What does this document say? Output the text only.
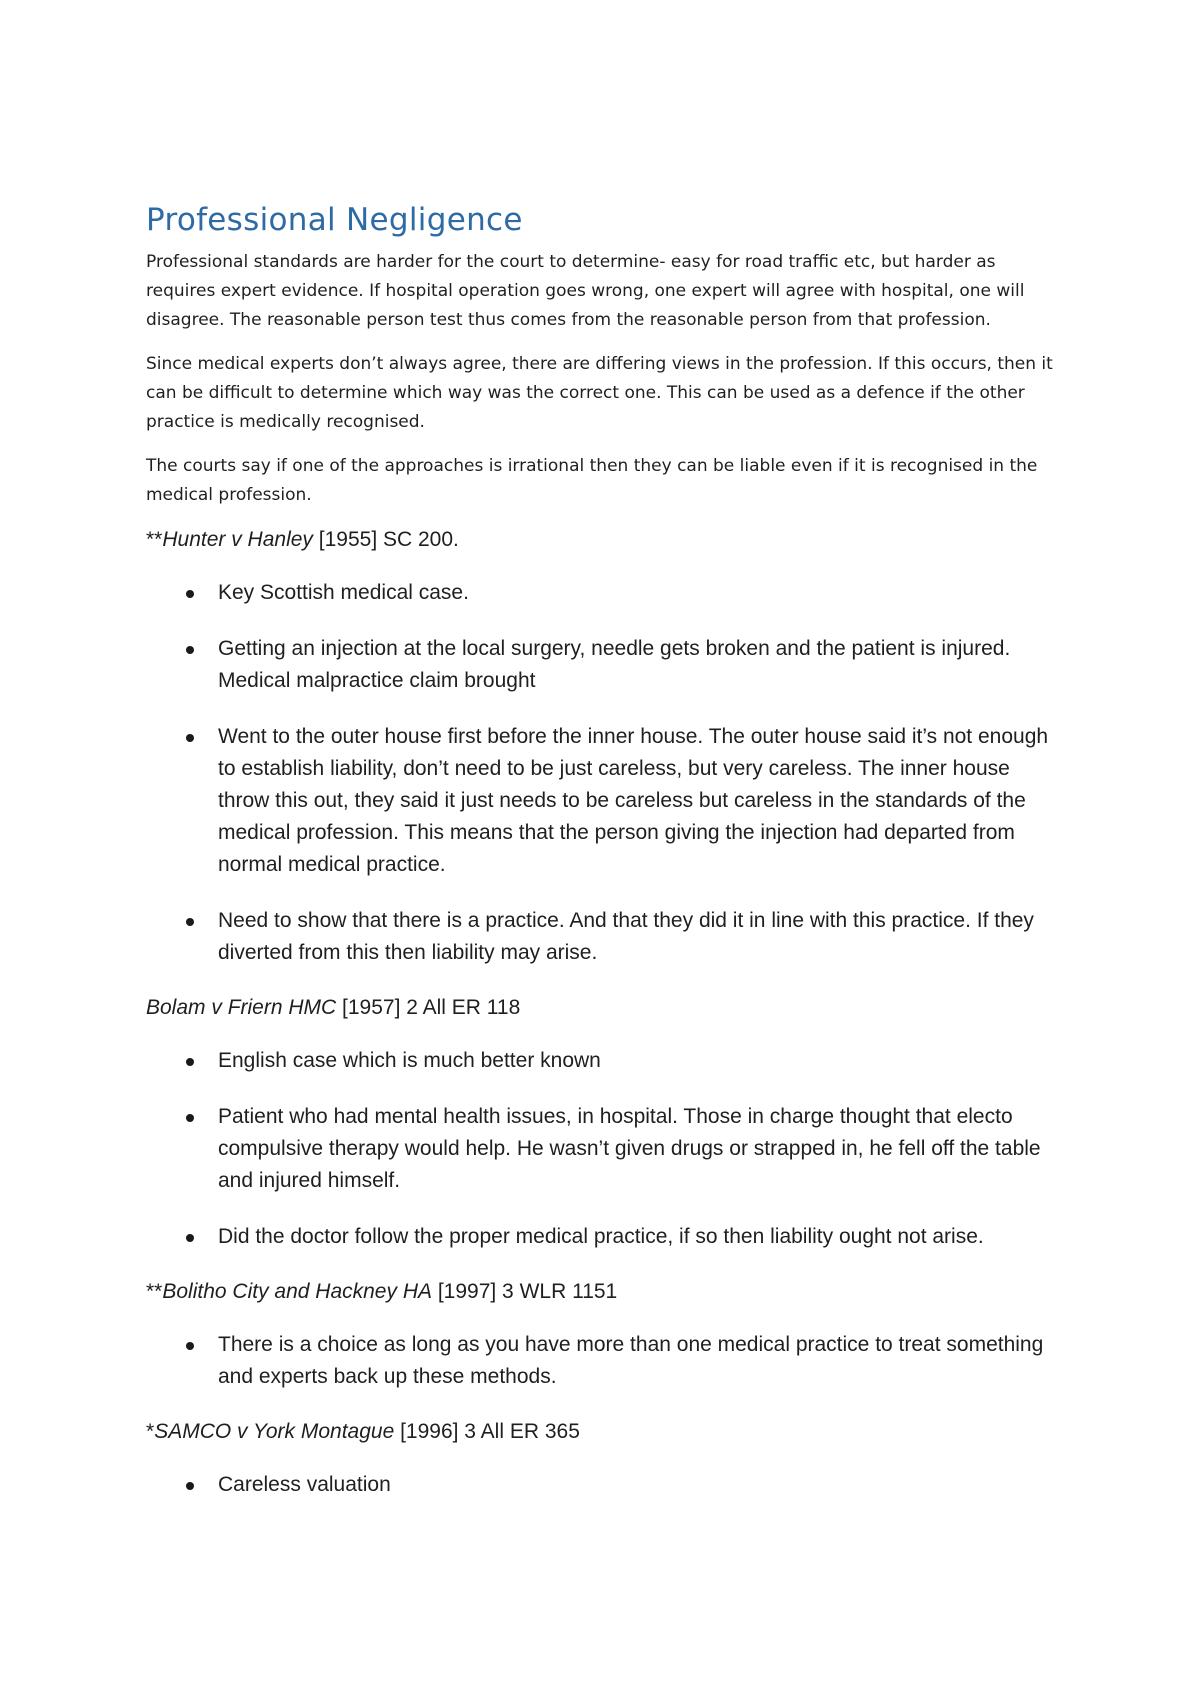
Professional Negligence

Professional standards are harder for the court to determine- easy for road traffic etc, but harder as requires expert evidence. If hospital operation goes wrong, one expert will agree with hospital, one will disagree. The reasonable person test thus comes from the reasonable person from that profession.

Since medical experts don’t always agree, there are differing views in the profession. If this occurs, then it can be difficult to determine which way was the correct one. This can be used as a defence if the other practice is medically recognised.

The courts say if one of the approaches is irrational then they can be liable even if it is recognised in the medical profession.

**Hunter v Hanley [1955] SC 200.

Key Scottish medical case.
Getting an injection at the local surgery, needle gets broken and the patient is injured. Medical malpractice claim brought
Went to the outer house first before the inner house. The outer house said it’s not enough to establish liability, don’t need to be just careless, but very careless. The inner house throw this out, they said it just needs to be careless but careless in the standards of the medical profession. This means that the person giving the injection had departed from normal medical practice.
Need to show that there is a practice. And that they did it in line with this practice. If they diverted from this then liability may arise.

Bolam v Friern HMC [1957] 2 All ER 118

English case which is much better known
Patient who had mental health issues, in hospital. Those in charge thought that electo compulsive therapy would help. He wasn’t given drugs or strapped in, he fell off the table and injured himself.
Did the doctor follow the proper medical practice, if so then liability ought not arise.

**Bolitho City and Hackney HA [1997] 3 WLR 1151

There is a choice as long as you have more than one medical practice to treat something and experts back up these methods.

*SAMCO v York Montague [1996] 3 All ER 365

Careless valuation
